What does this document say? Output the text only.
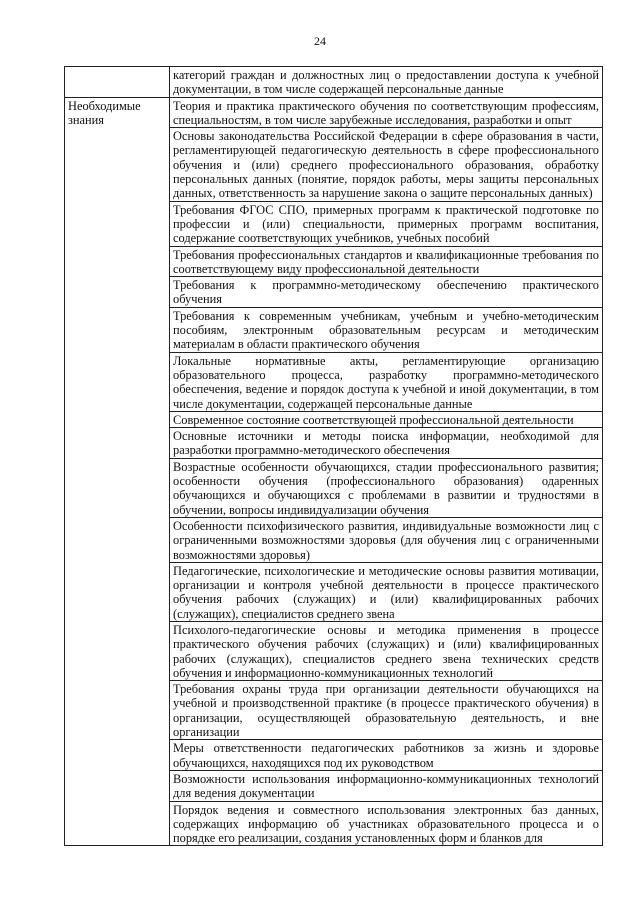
24
	категорий граждан и должностных лиц о предоставлении доступа к учебной документации, в том числе содержащей персональные данные
Необходимые знания	Теория и практика практического обучения по соответствующим профессиям, специальностям, в том числе зарубежные исследования, разработки и опыт
	Основы законодательства Российской Федерации в сфере образования в части, регламентирующей педагогическую деятельность в сфере профессионального обучения и (или) среднего профессионального образования, обработку персональных данных (понятие, порядок работы, меры защиты персональных данных, ответственность за нарушение закона о защите персональных данных)
	Требования ФГОС СПО, примерных программ к практической подготовке по профессии и (или) специальности, примерных программ воспитания, содержание соответствующих учебников, учебных пособий
	Требования профессиональных стандартов и квалификационные требования по соответствующему виду профессиональной деятельности
	Требования к программно-методическому обеспечению практического обучения
	Требования к современным учебникам, учебным и учебно-методическим пособиям, электронным образовательным ресурсам и методическим материалам в области практического обучения
	Локальные нормативные акты, регламентирующие организацию образовательного процесса, разработку программно-методического обеспечения, ведение и порядок доступа к учебной и иной документации, в том числе документации, содержащей персональные данные
	Современное состояние соответствующей профессиональной деятельности
	Основные источники и методы поиска информации, необходимой для разработки программно-методического обеспечения
	Возрастные особенности обучающихся, стадии профессионального развития; особенности обучения (профессионального образования) одаренных обучающихся и обучающихся с проблемами в развитии и трудностями в обучении, вопросы индивидуализации обучения
	Особенности психофизического развития, индивидуальные возможности лиц с ограниченными возможностями здоровья (для обучения лиц с ограниченными возможностями здоровья)
	Педагогические, психологические и методические основы развития мотивации, организации и контроля учебной деятельности в процессе практического обучения рабочих (служащих) и (или) квалифицированных рабочих (служащих), специалистов среднего звена
	Психолого-педагогические основы и методика применения в процессе практического обучения рабочих (служащих) и (или) квалифицированных рабочих (служащих), специалистов среднего звена технических средств обучения и информационно-коммуникационных технологий
	Требования охраны труда при организации деятельности обучающихся на учебной и производственной практике (в процессе практического обучения) в организации, осуществляющей образовательную деятельность, и вне организации
	Меры ответственности педагогических работников за жизнь и здоровье обучающихся, находящихся под их руководством
	Возможности использования информационно-коммуникационных технологий для ведения документации
	Порядок ведения и совместного использования электронных баз данных, содержащих информацию об участниках образовательного процесса и о порядке его реализации, создания установленных форм и бланков для
